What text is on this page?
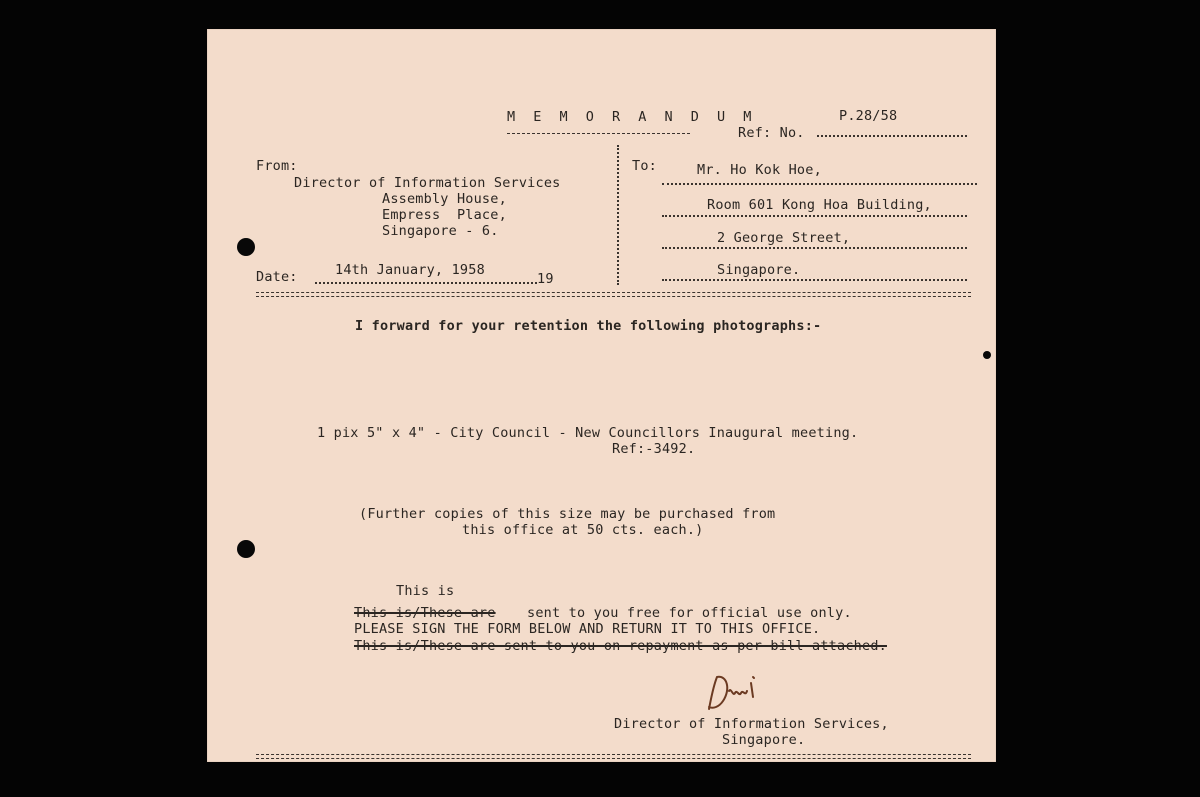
M E M O R A N D U M	P.28/58
Ref: No.
From:
Director of Information Services
Assembly House,
Empress  Place,
Singapore - 6.
To:	Mr. Ho Kok Hoe,
Room 601 Kong Hoa Building,
2 George Street,
Singapore.
Date:	14th January, 1958
19
I forward for your retention the following photographs:-
1 pix 5" x 4" - City Council - New Councillors Inaugural meeting.
Ref:-3492.
(Further copies of this size may be purchased from
this office at 50 cts. each.)
This is
This is/These are sent to you free for official use only.
PLEASE SIGN THE FORM BELOW AND RETURN IT TO THIS OFFICE.
This is/These are sent to you on repayment as per bill attached.
Director of Information Services,
Singapore.
